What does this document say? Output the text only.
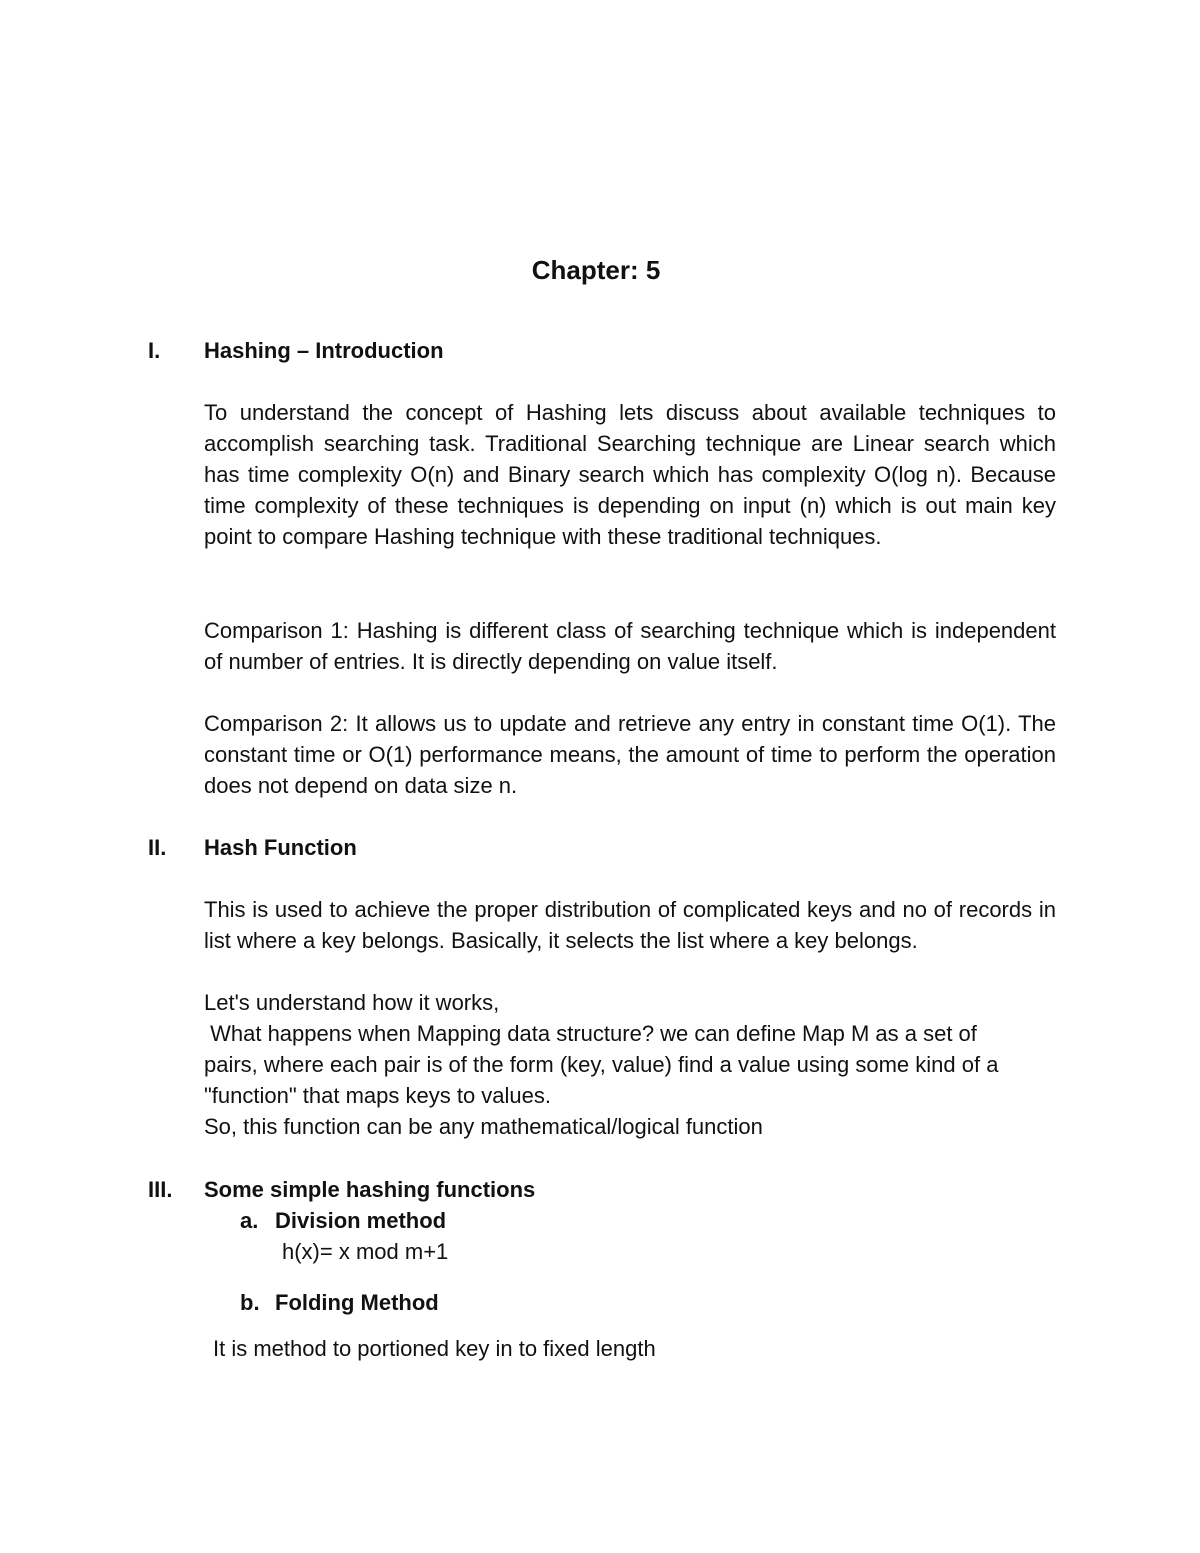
Chapter: 5
I. Hashing – Introduction
To understand the concept of Hashing lets discuss about available techniques to accomplish searching task. Traditional Searching technique are Linear search which has time complexity O(n) and Binary search which has complexity O(log n). Because time complexity of these techniques is depending on input (n) which is out main key point to compare Hashing technique with these traditional techniques.
Comparison 1: Hashing is different class of searching technique which is independent of number of entries. It is directly depending on value itself.
Comparison 2: It allows us to update and retrieve any entry in constant time O(1). The constant time or O(1) performance means, the amount of time to perform the operation does not depend on data size n.
II. Hash Function
This is used to achieve the proper distribution of complicated keys and no of records in list where a key belongs. Basically, it selects the list where a key belongs.
Let's understand how it works,
What happens when Mapping data structure? we can define Map M as a set of
pairs, where each pair is of the form (key, value) find a value using some kind of a
"function" that maps keys to values.
So, this function can be any mathematical/logical function
III. Some simple hashing functions
a. Division method
h(x)= x mod m+1
b. Folding Method
It is method to portioned key in to fixed length
